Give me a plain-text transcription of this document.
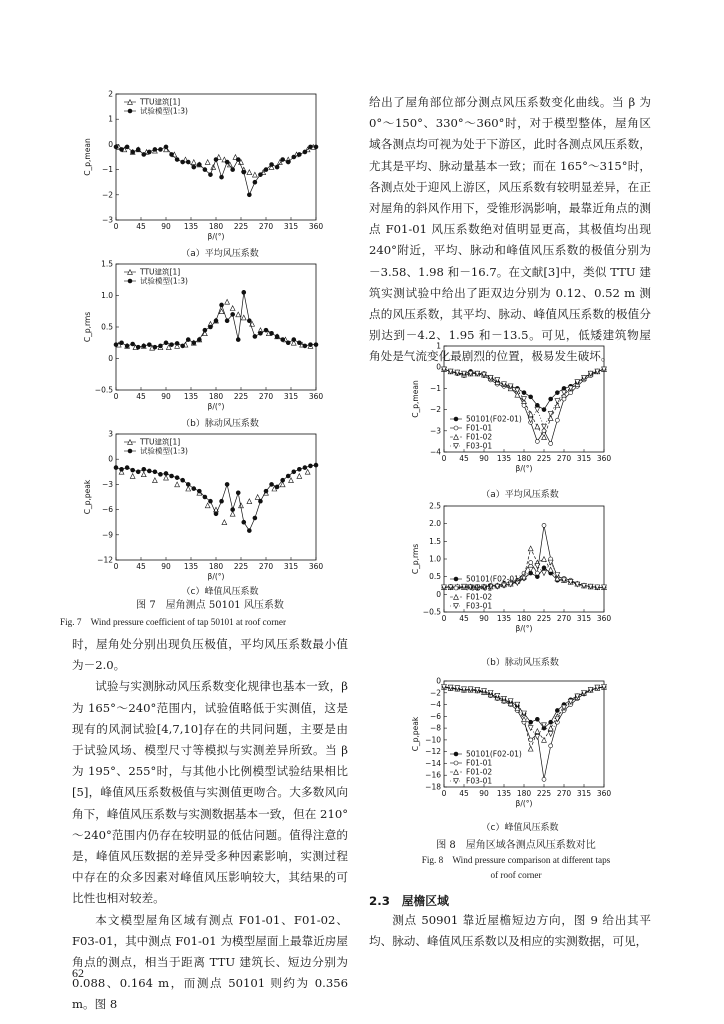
0 45 90 135 180 225 270 315 360
2
1
0
−1
−2
−3
β/(°)
C_p,mean
TTU建筑[1]
试验模型(1:3)
（a）平均风压系数
0 45 90 135 180 225 270 315 360
1.5
1.0
0.5
0
−0.5
β/(°)
C_p,rms
TTU建筑[1]
试验模型(1:3)
（b）脉动风压系数
0 45 90 135 180 225 270 315 360
3
0
−3
−6
−9
−12
β/(°)
C_p,peak
TTU建筑[1]
试验模型(1:3)
（c）峰值风压系数
图 7　屋角测点 50101 风压系数
Fig. 7　Wind pressure coefficient of tap 50101 at roof corner

时，屋角处分别出现负压极值，平均风压系数最小值为－2.0。

试验与实测脉动风压系数变化规律也基本一致，β 为 165°～240°范围内，试验值略低于实测值，这是现有的风洞试验[4,7,10]存在的共同问题，主要是由于试验风场、模型尺寸等模拟与实测差异所致。当 β 为 195°、255°时，与其他小比例模型试验结果相比[5]，峰值风压系数极值与实测值更吻合。大多数风向角下，峰值风压系数与实测数据基本一致，但在 210°～240°范围内仍存在较明显的低估问题。值得注意的是，峰值风压数据的差异受多种因素影响，实测过程中存在的众多因素对峰值风压影响较大，其结果的可比性也相对较差。

本文模型屋角区域有测点 F01-01、F01-02、F03-01，其中测点 F01-01 为模型屋面上最靠近房屋角点的测点，相当于距离 TTU 建筑长、短边分别为 0.088、0.164 m，而测点 50101 则约为 0.356 m。图 8

给出了屋角部位部分测点风压系数变化曲线。当 β 为 0°～150°、330°～360°时，对于模型整体，屋角区域各测点均可视为处于下游区，此时各测点风压系数，尤其是平均、脉动量基本一致；而在 165°～315°时，各测点处于迎风上游区，风压系数有较明显差异，在正对屋角的斜风作用下，受锥形涡影响，最靠近角点的测点 F01-01 风压系数绝对值明显更高，其极值均出现 240°附近，平均、脉动和峰值风压系数的极值分别为－3.58、1.98 和－16.7。在文献[3]中，类似 TTU 建筑实测试验中给出了距双边分别为 0.12、0.52 m 测点的风压系数，其平均、脉动、峰值风压系数的极值分别达到－4.2、1.95 和－13.5。可见，低矮建筑物屋角处是气流变化最剧烈的位置，极易发生破坏。

0 45 90 135 180 225 270 315 360
1
0
−1
−2
−3
−4
β/(°)
C_p,mean
50101(F02-01)
F01-01
F01-02
F03-01
（a）平均风压系数
0 45 90 135 180 225 270 315 360
2.5
2.0
1.5
1.0
0.5
0
−0.5
β/(°)
C_p,rms
50101(F02-01)
F01-01
F01-02
F03-01
（b）脉动风压系数
0 45 90 135 180 225 270 315 360
0
−2
−4
−6
−8
−10
−12
−14
−16
−18
β/(°)
C_p,peak
50101(F02-01)
F01-01
F01-02
F03-01
（c）峰值风压系数
图 8　屋角区域各测点风压系数对比
Fig. 8　Wind pressure comparison at different taps
of roof corner
2.3　屋檐区域

测点 50901 靠近屋檐短边方向，图 9 给出其平均、脉动、峰值风压系数以及相应的实测数据，可见，

62
